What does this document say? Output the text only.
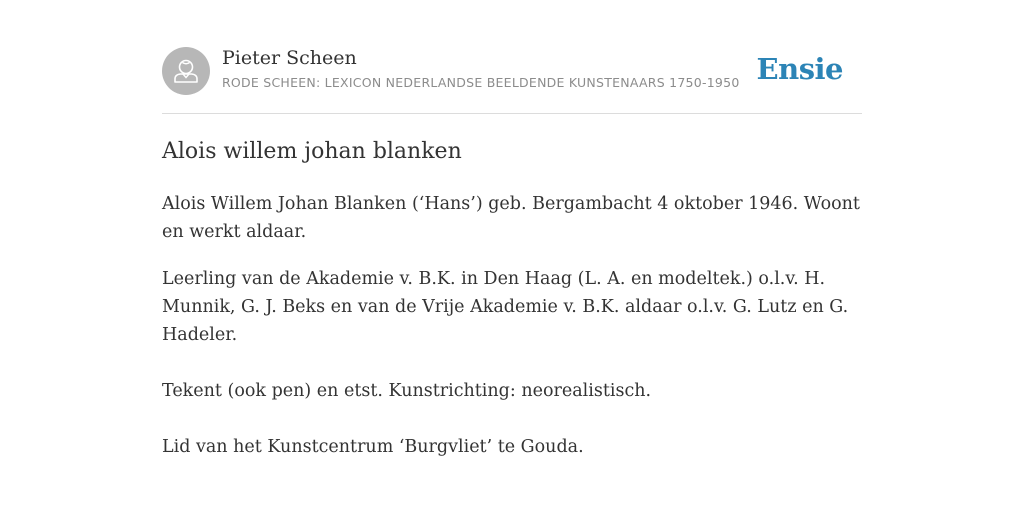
Pieter Scheen
RODE SCHEEN: LEXICON NEDERLANDSE BEELDENDE KUNSTENAARS 1750-1950 Ensie
Alois willem johan blanken

Alois Willem Johan Blanken (‘Hans’) geb. Bergambacht 4 oktober 1946. Woont en werkt aldaar.

Leerling van de Akademie v. B.K. in Den Haag (L. A. en modeltek.) o.l.v. H. Munnik, G. J. Beks en van de Vrije Akademie v. B.K. aldaar o.l.v. G. Lutz en G. Hadeler.

Tekent (ook pen) en etst. Kunstrichting: neorealistisch.

Lid van het Kunstcentrum ‘Burgvliet’ te Gouda.
